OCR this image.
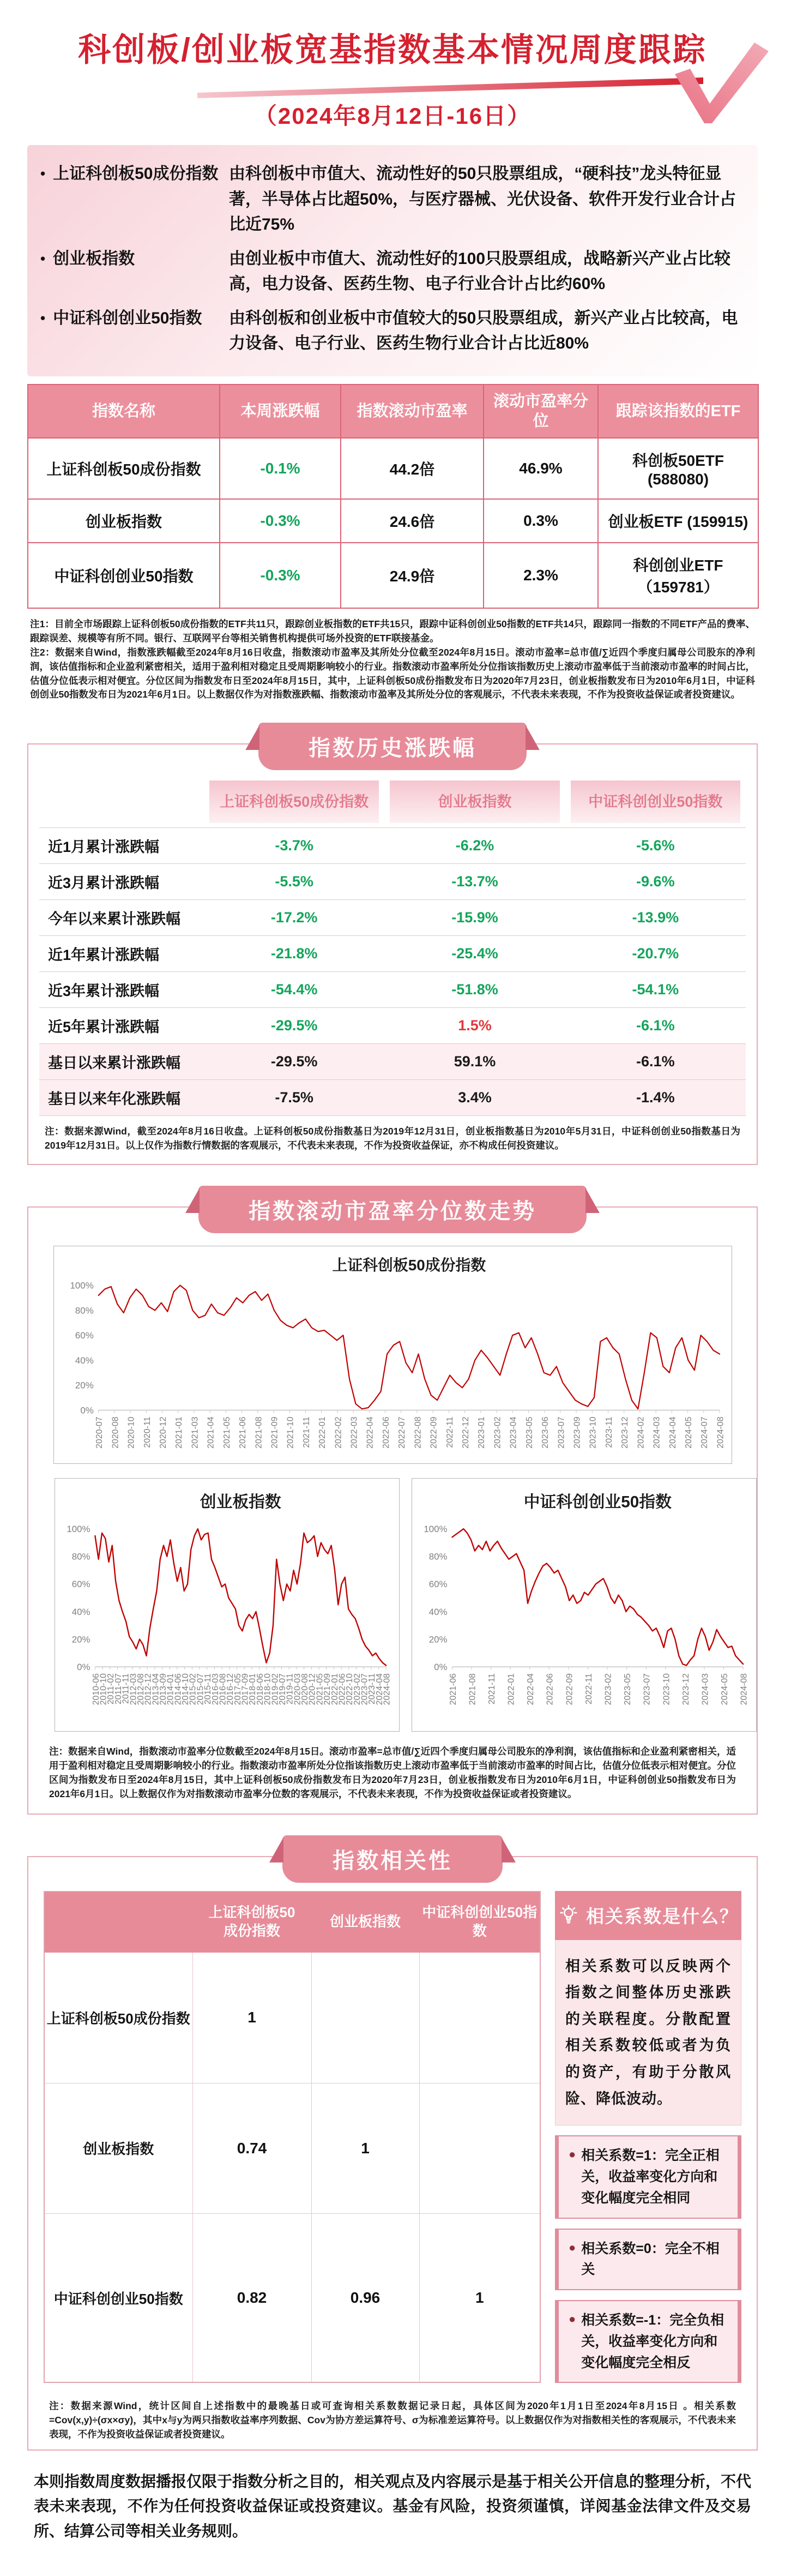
科创板/创业板宽基指数基本情况周度跟踪
（2024年8月12日-16日）
• 上证科创板50成份指数 由科创板中市值大、流动性好的50只股票组成，“硬科技”龙头特征显著，半导体占比超50%，与医疗器械、光伏设备、软件开发行业合计占比近75%
• 创业板指数	由创业板中市值大、流动性好的100只股票组成，战略新兴产业占比较高，电力设备、医药生物、电子行业合计占比约60%
• 中证科创创业50指数 由科创板和创业板中市值较大的50只股票组成，新兴产业占比较高，电力设备、电子行业、医药生物行业合计占比近80%
指数名称	本周涨跌幅	指数滚动市盈率	滚动市盈率分位	跟踪该指数的ETF
上证科创板50成份指数	-0.1%	44.2倍	46.9%	科创板50ETF (588080)
创业板指数	-0.3%	24.6倍	0.3%	创业板ETF (159915)
中证科创创业50指数	-0.3%	24.9倍	2.3%	科创创业ETF（159781）

注1：目前全市场跟踪上证科创板50成份指数的ETF共11只，跟踪创业板指数的ETF共15只，跟踪中证科创创业50指数的ETF共14只，跟踪同一指数的不同ETF产品的费率、跟踪误差、规模等有所不同。银行、互联网平台等相关销售机构提供可场外投资的ETF联接基金。

注2：数据来自Wind，指数涨跌幅截至2024年8月16日收盘，指数滚动市盈率及其所处分位截至2024年8月15日。滚动市盈率=总市值/∑近四个季度归属母公司股东的净利润，该估值指标和企业盈利紧密相关，适用于盈利相对稳定且受周期影响较小的行业。指数滚动市盈率所处分位指该指数历史上滚动市盈率低于当前滚动市盈率的时间占比，估值分位低表示相对便宜。分位区间为指数发布日至2024年8月15日，其中，上证科创板50成份指数发布日为2020年7月23日，创业板指数发布日为2010年6月1日，中证科创创业50指数发布日为2021年6月1日。以上数据仅作为对指数涨跌幅、指数滚动市盈率及其所处分位的客观展示，不代表未来表现，不作为投资收益保证或者投资建议。

指数历史涨跌幅

上证科创板50成份指数	创业板指数	中证科创创业50指数

近1月累计涨跌幅	-3.7%	-6.2%	-5.6%
近3月累计涨跌幅	-5.5%	-13.7%	-9.6%
今年以来累计涨跌幅	-17.2%	-15.9%	-13.9%
近1年累计涨跌幅	-21.8%	-25.4%	-20.7%
近3年累计涨跌幅	-54.4%	-51.8%	-54.1%
近5年累计涨跌幅	-29.5%	1.5%	-6.1%
基日以来累计涨跌幅	-29.5%	59.1%	-6.1%
基日以来年化涨跌幅	-7.5%	3.4%	-1.4%

注：数据来源Wind，截至2024年8月16日收盘。上证科创板50成份指数基日为2019年12月31日，创业板指数基日为2010年5月31日，中证科创创业50指数基日为2019年12月31日。以上仅作为指数行情数据的客观展示，不代表未来表现，不作为投资收益保证，亦不构成任何投资建议。

指数滚动市盈率分位数走势
上证科创板50成份指数
0%
20%
40%
60%
80%
100%
2020-07 2020-08 2020-10 2020-11 2020-12 2021-01 2021-03 2021-04 2021-05 2021-06 2021-08 2021-09 2021-10 2021-11 2022-01 2022-02 2022-03 2022-04 2022-06 2022-07 2022-08 2022-09 2022-11 2022-12 2023-01 2023-02 2023-04 2023-05 2023-06 2023-07 2023-09 2023-10 2023-11 2023-12 2024-02 2024-03 2024-04 2024-05 2024-07 2024-08
创业板指数
0%
20%
40%
60%
80%
100%
2010-06
2010-10
2011-02
2011-07
2011-11
2012-03
2012-08
2012-12
2013-04
2013-09
2014-01
2014-06
2014-10
2015-02
2015-07
2015-11
2016-03
2016-08
2016-12
2017-05
2017-09
2018-01
2018-06
2018-10
2019-02
2019-07
2019-11
2020-03
2020-08
2020-12
2021-05
2021-09
2022-01
2022-06
2022-10
2023-02
2023-07
2023-11
2024-04
2024-08
中证科创创业50指数
0%
20%
40%
60%
80%
100%
2021-06 2021-08 2021-11 2022-01 2022-04 2022-06 2022-09 2022-11 2023-02 2023-05 2023-07 2023-10 2023-12 2024-03 2024-05 2024-08

注：数据来自Wind，指数滚动市盈率分位数截至2024年8月15日。滚动市盈率=总市值/∑近四个季度归属母公司股东的净利润，该估值指标和企业盈利紧密相关，适用于盈利相对稳定且受周期影响较小的行业。指数滚动市盈率所处分位指该指数历史上滚动市盈率低于当前滚动市盈率的时间占比，估值分位低表示相对便宜。分位区间为指数发布日至2024年8月15日，其中上证科创板50成份指数发布日为2020年7月23日，创业板指数发布日为2010年6月1日，中证科创创业50指数发布日为2021年6月1日。以上数据仅作为对指数滚动市盈率分位数的客观展示，不代表未来表现，不作为投资收益保证或者投资建议。

指数相关性
	上证科创板50
成份指数	创业板指数	中证科创创业50指数
上证科创板50成份指数	1		
创业板指数	0.74	1	
中证科创创业50指数	0.82	0.96	1
相关系数是什么？
相关系数可以反映两个指数之间整体历史涨跌的关联程度。分散配置相关系数较低或者为负的资产，有助于分散风险、降低波动。
● 相关系数=1：完全正相关，收益率变化方向和变化幅度完全相同
● 相关系数=0：完全不相关
● 相关系数=-1：完全负相关，收益率变化方向和变化幅度完全相反

注：数据来源Wind，统计区间自上述指数中的最晚基日或可查询相关系数数据记录日起，具体区间为2020年1月1日至2024年8月15日 。相关系数=Cov(x,y)÷(σx×σy)，其中x与y为两只指数收益率序列数据、Cov为协方差运算符号、σ为标准差运算符号。以上数据仅作为对指数相关性的客观展示，不代表未来表现，不作为投资收益保证或者投资建议。

本则指数周度数据播报仅限于指数分析之目的，相关观点及内容展示是基于相关公开信息的整理分析，不代表未来表现，不作为任何投资收益保证或投资建议。基金有风险，投资须谨慎，详阅基金法律文件及交易所、结算公司等相关业务规则。
